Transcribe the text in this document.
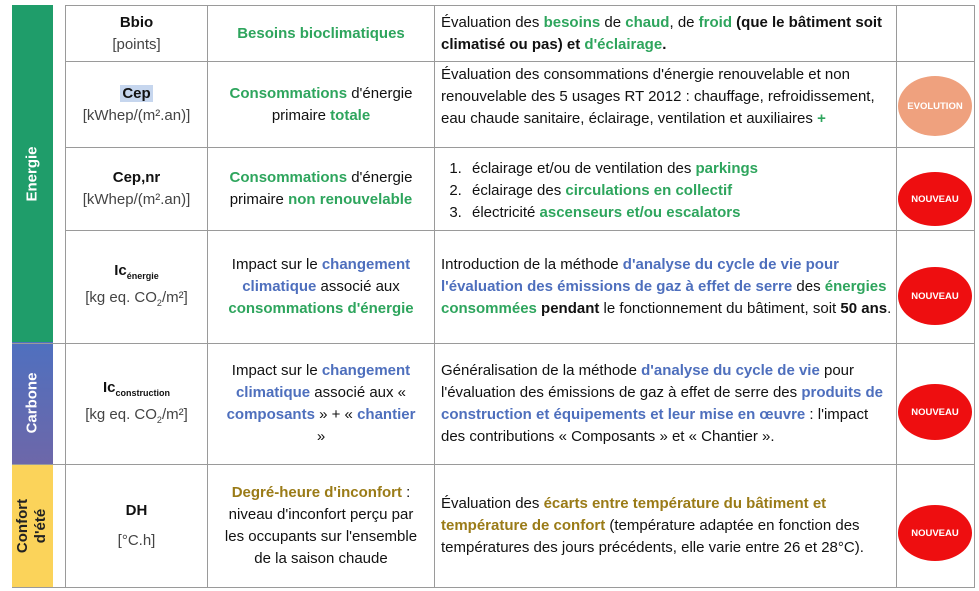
Energie
Carbone
Confort d'été
Bbio
[points]
Besoins bioclimatiques
Évaluation des besoins de chaud, de froid (que le bâtiment soit climatisé ou pas) et d'éclairage.
Cep
[kWhep/(m².an)]
Consommations d'énergie primaire totale
Évaluation des consommations d'énergie renouvelable et non renouvelable des 5 usages RT 2012 : chauffage, refroidissement, eau chaude sanitaire, éclairage, ventilation et auxiliaires +
Cep,nr
[kWhep/(m².an)]
Consommations d'énergie primaire non renouvelable
1. éclairage et/ou de ventilation des parkings
2. éclairage des circulations en collectif
3. électricité ascenseurs et/ou escalators
$Ic_{énergie}$
[kg eq. $CO_2/m^2$]
Impact sur le changement climatique associé aux consommations d'énergie
Introduction de la méthode d'analyse du cycle de vie pour l'évaluation des émissions de gaz à effet de serre des énergies consommées pendant le fonctionnement du bâtiment, soit 50 ans.
$Ic_{construction}$
[kg eq. $CO_2/m^2$]
Impact sur le changement climatique associé aux « composants » + « chantier »
Généralisation de la méthode d'analyse du cycle de vie pour l'évaluation des émissions de gaz à effet de serre des produits de construction et équipements et leur mise en œuvre : l'impact des contributions « Composants » et « Chantier ».
DH
[°C.h]
Degré-heure d'inconfort : niveau d'inconfort perçu par les occupants sur l'ensemble de la saison chaude
Évaluation des écarts entre température du bâtiment et température de confort (température adaptée en fonction des températures des jours précédents, elle varie entre 26 et 28°C).
EVOLUTION
NOUVEAU
NOUVEAU
NOUVEAU
NOUVEAU
